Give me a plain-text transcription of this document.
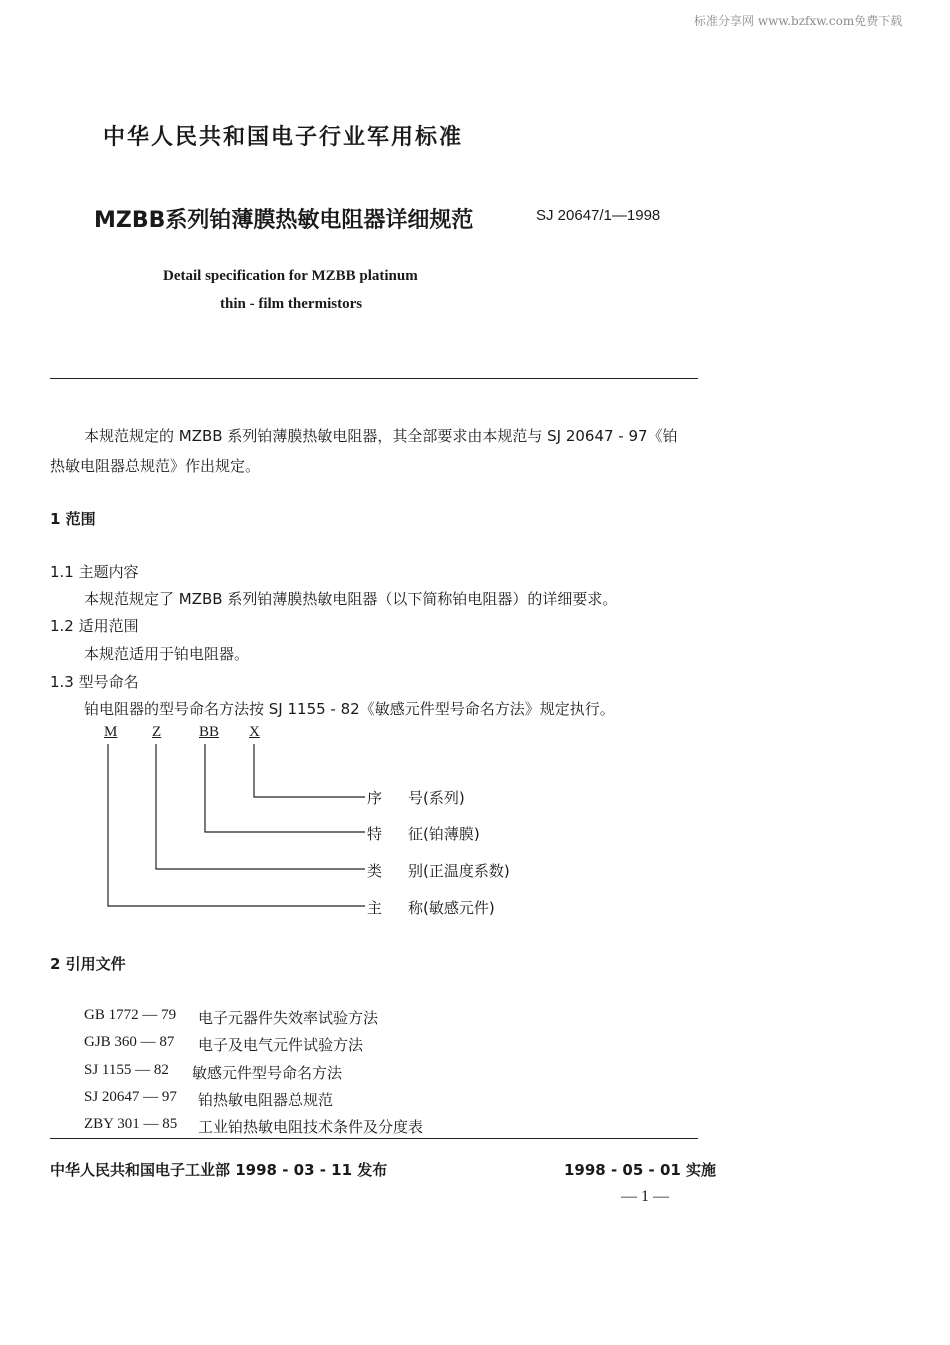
标准分享网 www.bzfxw.com免费下载
中华人民共和国电子行业军用标准
MZBB系列铂薄膜热敏电阻器详细规范	SJ 20647/1—1998
Detail specification for MZBB platinum
thin - film thermistors
本规范规定的 MZBB 系列铂薄膜热敏电阻器，其全部要求由本规范与 SJ 20647 - 97《铂
热敏电阻器总规范》作出规定。
1 范围
1.1 主题内容
本规范规定了 MZBB 系列铂薄膜热敏电阻器（以下简称铂电阻器）的详细要求。
1.2 适用范围
本规范适用于铂电阻器。
1.3 型号命名
铂电阻器的型号命名方法按 SJ 1155 - 82《敏感元件型号命名方法》规定执行。
M Z	BB X
序 号(系列)
特 征(铂薄膜)
类 别(正温度系数)
主 称(敏感元件)
2 引用文件
GB 1772 — 79 电子元器件失效率试验方法
GJB 360 — 87 电子及电气元件试验方法
SJ 1155 — 82 敏感元件型号命名方法
SJ 20647 — 97 铂热敏电阻器总规范
ZBY 301 — 85 工业铂热敏电阻技术条件及分度表
中华人民共和国电子工业部 1998 - 03 - 11 发布	1998 - 05 - 01 实施
— 1 —
